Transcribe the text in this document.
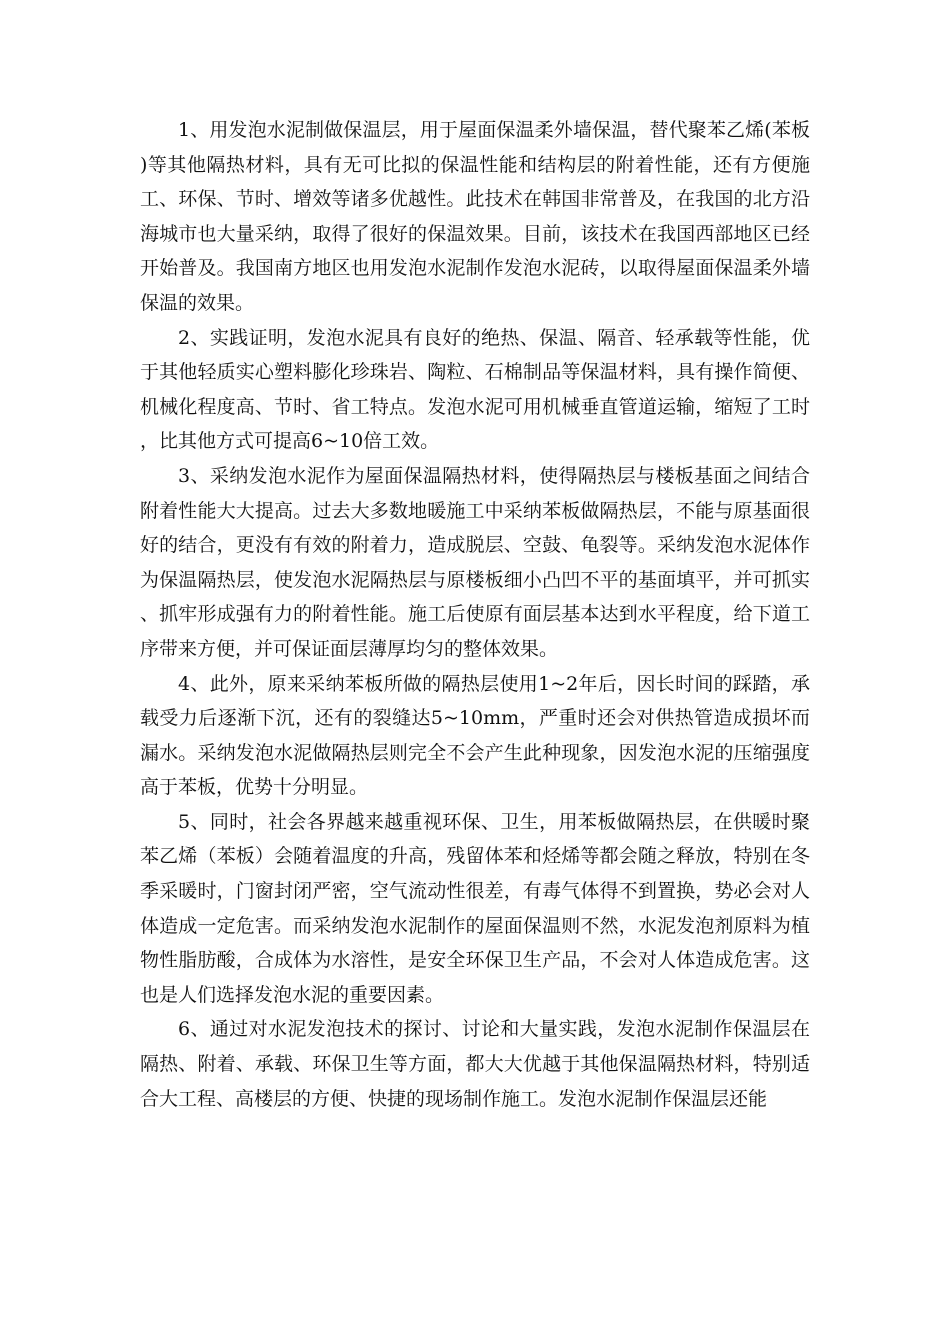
1、用发泡水泥制做保温层，用于屋面保温柔外墙保温，替代聚苯乙烯(苯板)等其他隔热材料，具有无可比拟的保温性能和结构层的附着性能，还有方便施工、环保、节时、增效等诸多优越性。此技术在韩国非常普及，在我国的北方沿海城市也大量采纳，取得了很好的保温效果。目前，该技术在我国西部地区已经开始普及。我国南方地区也用发泡水泥制作发泡水泥砖，以取得屋面保温柔外墙保温的效果。

2、实践证明，发泡水泥具有良好的绝热、保温、隔音、轻承载等性能，优于其他轻质实心塑料膨化珍珠岩、陶粒、石棉制品等保温材料，具有操作简便、机械化程度高、节时、省工特点。发泡水泥可用机械垂直管道运输，缩短了工时，比其他方式可提高6~10倍工效。

3、采纳发泡水泥作为屋面保温隔热材料，使得隔热层与楼板基面之间结合附着性能大大提高。过去大多数地暖施工中采纳苯板做隔热层，不能与原基面很好的结合，更没有有效的附着力，造成脱层、空鼓、龟裂等。采纳发泡水泥体作为保温隔热层，使发泡水泥隔热层与原楼板细小凸凹不平的基面填平，并可抓实、抓牢形成强有力的附着性能。施工后使原有面层基本达到水平程度，给下道工序带来方便，并可保证面层薄厚均匀的整体效果。

4、此外，原来采纳苯板所做的隔热层使用1~2年后，因长时间的踩踏，承载受力后逐渐下沉，还有的裂缝达5~10mm，严重时还会对供热管造成损坏而漏水。采纳发泡水泥做隔热层则完全不会产生此种现象，因发泡水泥的压缩强度高于苯板，优势十分明显。

5、同时，社会各界越来越重视环保、卫生，用苯板做隔热层，在供暖时聚苯乙烯（苯板）会随着温度的升高，残留体苯和烃烯等都会随之释放，特别在冬季采暖时，门窗封闭严密，空气流动性很差，有毒气体得不到置换，势必会对人体造成一定危害。而采纳发泡水泥制作的屋面保温则不然，水泥发泡剂原料为植物性脂肪酸，合成体为水溶性，是安全环保卫生产品，不会对人体造成危害。这也是人们选择发泡水泥的重要因素。

6、通过对水泥发泡技术的探讨、讨论和大量实践，发泡水泥制作保温层在隔热、附着、承载、环保卫生等方面，都大大优越于其他保温隔热材料，特别适合大工程、高楼层的方便、快捷的现场制作施工。发泡水泥制作保温层还能
